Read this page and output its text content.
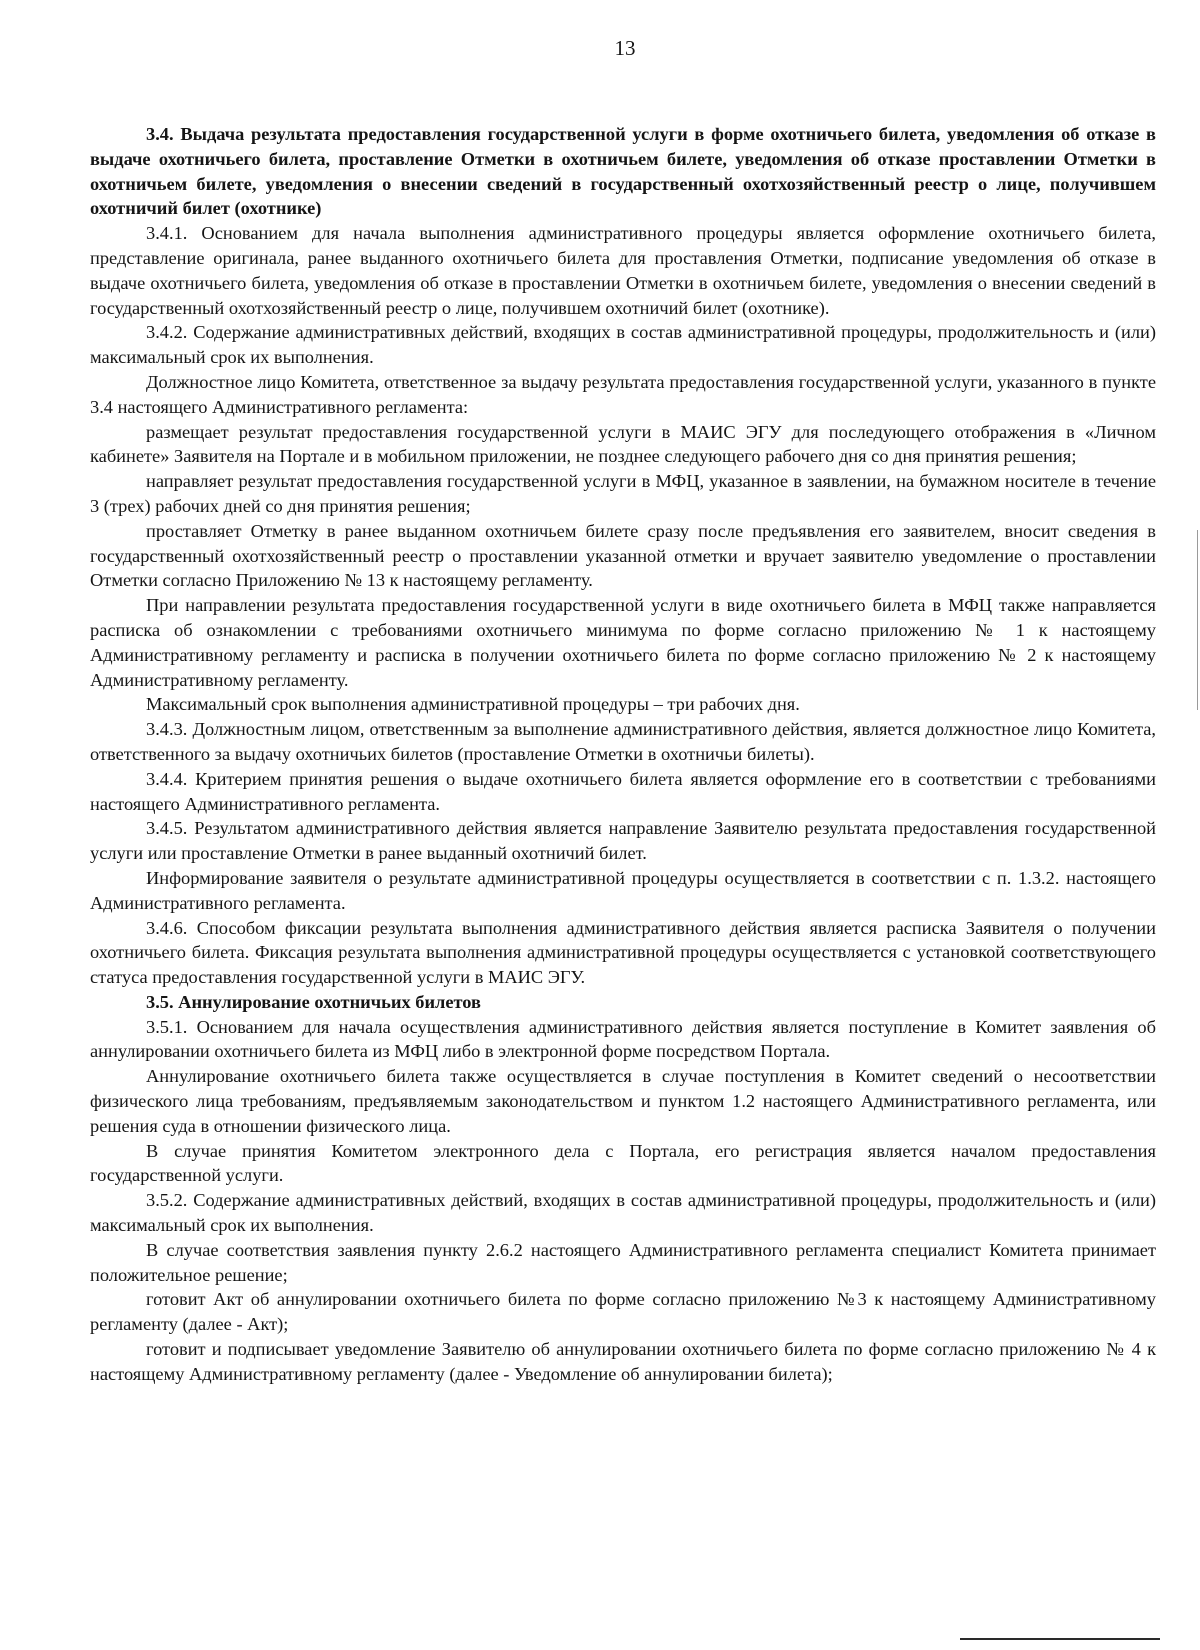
13

3.4. Выдача результата предоставления государственной услуги в форме охотничьего билета, уведомления об отказе в выдаче охотничьего билета, проставление Отметки в охотничьем билете, уведомления об отказе проставлении Отметки в охотничьем билете, уведомления о внесении сведений в государственный охотхозяйственный реестр о лице, получившем охотничий билет (охотнике)

3.4.1. Основанием для начала выполнения административного процедуры является оформление охотничьего билета, представление оригинала, ранее выданного охотничьего билета для проставления Отметки, подписание уведомления об отказе в выдаче охотничьего билета, уведомления об отказе в проставлении Отметки в охотничьем билете, уведомления о внесении сведений в государственный охотхозяйственный реестр о лице, получившем охотничий билет (охотнике).

3.4.2. Содержание административных действий, входящих в состав административной процедуры, продолжительность и (или) максимальный срок их выполнения.

Должностное лицо Комитета, ответственное за выдачу результата предоставления государственной услуги, указанного в пункте 3.4 настоящего Административного регламента:

размещает результат предоставления государственной услуги в МАИС ЭГУ для последующего отображения в «Личном кабинете» Заявителя на Портале и в мобильном приложении, не позднее следующего рабочего дня со дня принятия решения;

направляет результат предоставления государственной услуги в МФЦ, указанное в заявлении, на бумажном носителе в течение 3 (трех) рабочих дней со дня принятия решения;

проставляет Отметку в ранее выданном охотничьем билете сразу после предъявления его заявителем, вносит сведения в государственный охотхозяйственный реестр о проставлении указанной отметки и вручает заявителю уведомление о проставлении Отметки согласно Приложению № 13 к настоящему регламенту.

При направлении результата предоставления государственной услуги в виде охотничьего билета в МФЦ также направляется расписка об ознакомлении с требованиями охотничьего минимума по форме согласно приложению № 1 к настоящему Административному регламенту и расписка в получении охотничьего билета по форме согласно приложению № 2 к настоящему Административному регламенту.

Максимальный срок выполнения административной процедуры – три рабочих дня.

3.4.3. Должностным лицом, ответственным за выполнение административного действия, является должностное лицо Комитета, ответственного за выдачу охотничьих билетов (проставление Отметки в охотничьи билеты).

3.4.4. Критерием принятия решения о выдаче охотничьего билета является оформление его в соответствии с требованиями настоящего Административного регламента.

3.4.5. Результатом административного действия является направление Заявителю результата предоставления государственной услуги или проставление Отметки в ранее выданный охотничий билет.

Информирование заявителя о результате административной процедуры осуществляется в соответствии с п. 1.3.2. настоящего Административного регламента.

3.4.6. Способом фиксации результата выполнения административного действия является расписка Заявителя о получении охотничьего билета. Фиксация результата выполнения административной процедуры осуществляется с установкой соответствующего статуса предоставления государственной услуги в МАИС ЭГУ.

3.5. Аннулирование охотничьих билетов

3.5.1. Основанием для начала осуществления административного действия является поступление в Комитет заявления об аннулировании охотничьего билета из МФЦ либо в электронной форме посредством Портала.

Аннулирование охотничьего билета также осуществляется в случае поступления в Комитет сведений о несоответствии физического лица требованиям, предъявляемым законодательством и пунктом 1.2 настоящего Административного регламента, или решения суда в отношении физического лица.

В случае принятия Комитетом электронного дела с Портала, его регистрация является началом предоставления государственной услуги.

3.5.2. Содержание административных действий, входящих в состав административной процедуры, продолжительность и (или) максимальный срок их выполнения.

В случае соответствия заявления пункту 2.6.2 настоящего Административного регламента специалист Комитета принимает положительное решение;

готовит Акт об аннулировании охотничьего билета по форме согласно приложению №3 к настоящему Административному регламенту (далее - Акт);

готовит и подписывает уведомление Заявителю об аннулировании охотничьего билета по форме согласно приложению № 4 к настоящему Административному регламенту (далее - Уведомление об аннулировании билета);
